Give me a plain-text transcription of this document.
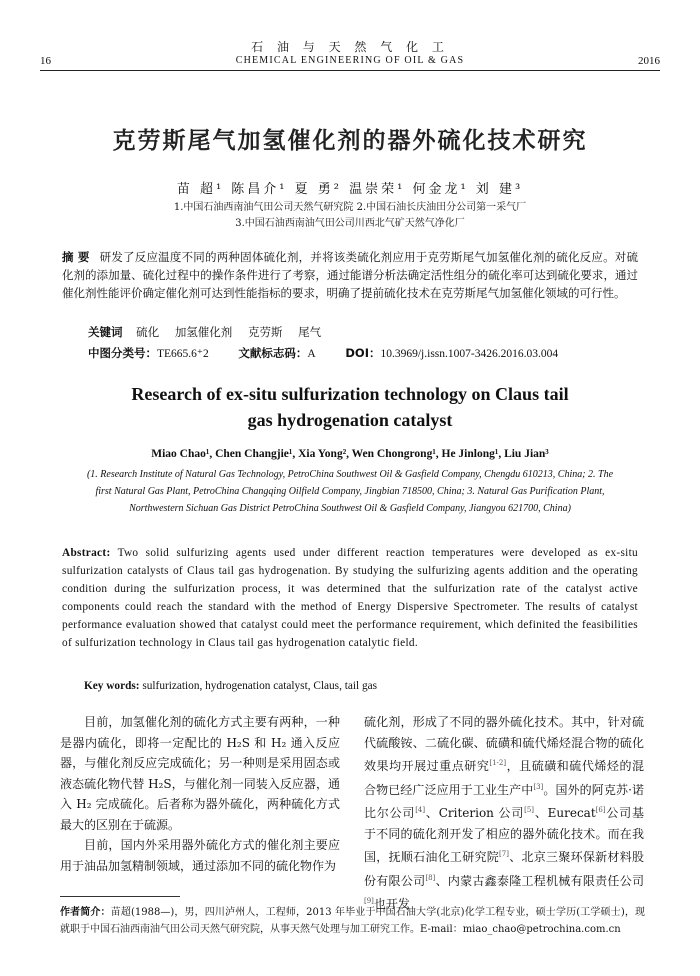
石 油 与 天 然 气 化 工
16	CHEMICAL ENGINEERING OF OIL & GAS	2016
克劳斯尾气加氢催化剂的器外硫化技术研究
苗 超¹ 陈昌介¹ 夏 勇² 温崇荣¹ 何金龙¹ 刘 建³
1.中国石油西南油气田公司天然气研究院 2.中国石油长庆油田分公司第一采气厂
3.中国石油西南油气田公司川西北气矿天然气净化厂
摘 要 研发了反应温度不同的两种固体硫化剂，并将该类硫化剂应用于克劳斯尾气加氢催化剂的硫化反应。对硫化剂的添加量、硫化过程中的操作条件进行了考察，通过能谱分析法确定活性组分的硫化率可达到硫化要求，通过催化剂性能评价确定催化剂可达到性能指标的要求，明确了提前硫化技术在克劳斯尾气加氢催化领域的可行性。
关键词 硫化 加氢催化剂 克劳斯 尾气
中图分类号：TE665.6⁺2	文献标志码：A	DOI：10.3969/j.issn.1007-3426.2016.03.004
Research of ex-situ sulfurization technology on Claus tail
gas hydrogenation catalyst
Miao Chao¹, Chen Changjie¹, Xia Yong², Wen Chongrong¹, He Jinlong¹, Liu Jian³
(1. Research Institute of Natural Gas Technology, PetroChina Southwest Oil & Gasfield Company, Chengdu 610213, China; 2. The first Natural Gas Plant, PetroChina Changqing Oilfield Company, Jingbian 718500, China; 3. Natural Gas Purification Plant, Northwestern Sichuan Gas District PetroChina Southwest Oil & Gasfield Company, Jiangyou 621700, China)
Abstract: Two solid sulfurizing agents used under different reaction temperatures were developed as ex-situ sulfurization catalysts of Claus tail gas hydrogenation. By studying the sulfurizing agents addition and the operating condition during the sulfurization process, it was determined that the sulfurization rate of the catalyst active components could reach the standard with the method of Energy Dispersive Spectrometer. The results of catalyst performance evaluation showed that catalyst could meet the performance requirement, which definited the feasibilities of sulfurization technology in Claus tail gas hydrogenation catalytic field.
Key words: sulfurization, hydrogenation catalyst, Claus, tail gas

目前，加氢催化剂的硫化方式主要有两种，一种是器内硫化，即将一定配比的 H₂S 和 H₂ 通入反应器，与催化剂反应完成硫化；另一种则是采用固态或液态硫化物代替 H₂S，与催化剂一同装入反应器，通入 H₂ 完成硫化。后者称为器外硫化，两种硫化方式最大的区别在于硫源。

目前，国内外采用器外硫化方式的催化剂主要应用于油品加氢精制领域，通过添加不同的硫化物作为

硫化剂，形成了不同的器外硫化技术。其中，针对硫代硫酸铵、二硫化碳、硫磺和硫代烯烃混合物的硫化效果均开展过重点研究[1-2]，且硫磺和硫代烯烃的混合物已经广泛应用于工业生产中[3]。国外的阿克苏·诺比尔公司[4]、Criterion 公司[5]、Eurecat[6]公司基于不同的硫化剂开发了相应的器外硫化技术。而在我国，抚顺石油化工研究院[7]、北京三聚环保新材料股份有限公司[8]、内蒙古鑫泰隆工程机械有限责任公司[9]也开发

作者简介：苗超(1988—)，男，四川泸州人，工程师，2013 年毕业于中国石油大学(北京)化学工程专业，硕士学历(工学硕士)，现就职于中国石油西南油气田公司天然气研究院，从事天然气处理与加工研究工作。E-mail：miao_chao@petrochina.com.cn
